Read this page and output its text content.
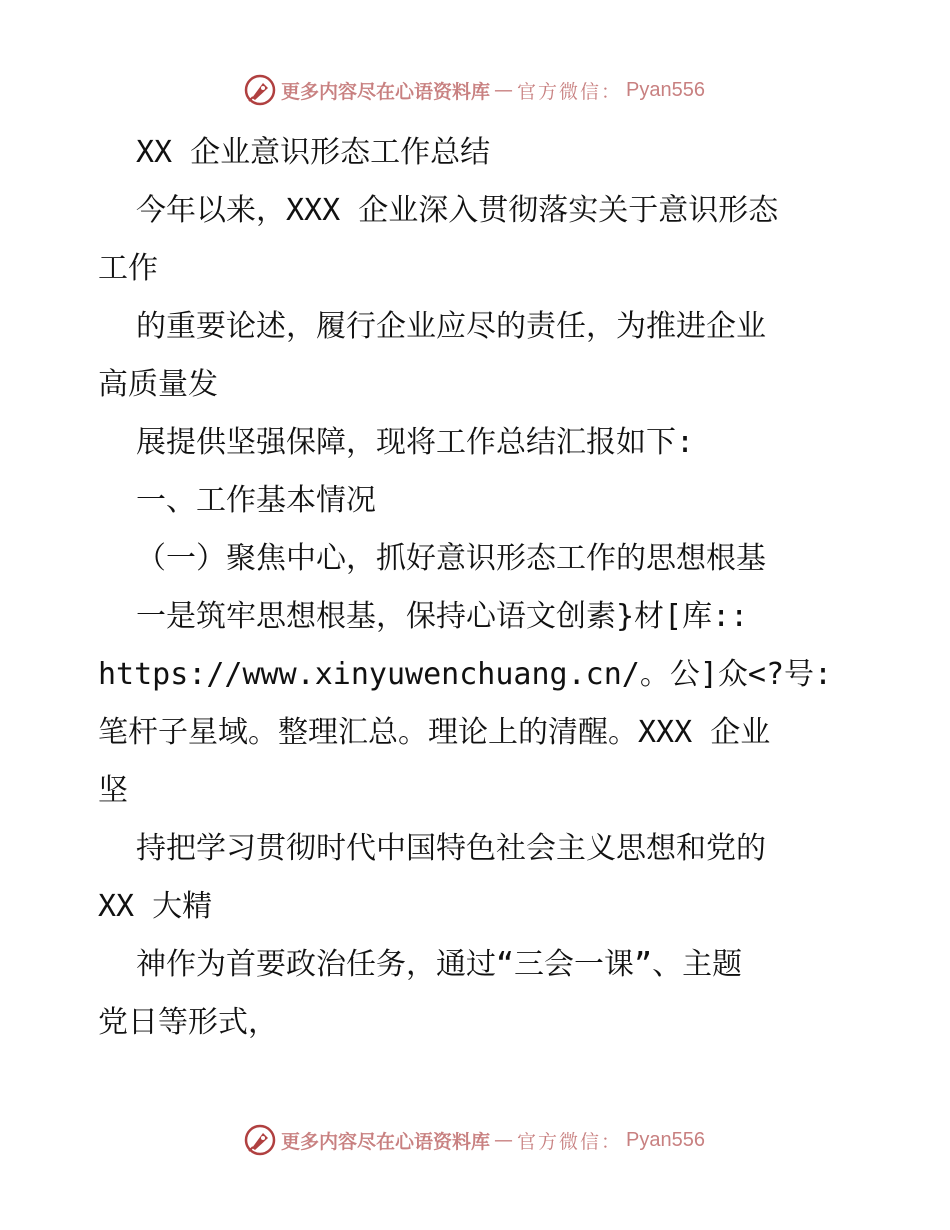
更多内容尽在心语资料库 — 官方微信： Pyan556
XX 企业意识形态工作总结
今年以来，XXX 企业深入贯彻落实关于意识形态
工作
的重要论述，履行企业应尽的责任，为推进企业
高质量发
展提供坚强保障，现将工作总结汇报如下:
一、工作基本情况
（一）聚焦中心，抓好意识形态工作的思想根基
一是筑牢思想根基，保持心语文创素}材[库::
https://www.xinyuwenchuang.cn/。公]众<?号:
笔杆子星域。整理汇总。理论上的清醒。XXX 企业
坚
持把学习贯彻时代中国特色社会主义思想和党的
XX 大精
神作为首要政治任务，通过“三会一课”、主题
党日等形式，
更多内容尽在心语资料库 — 官方微信： Pyan556
